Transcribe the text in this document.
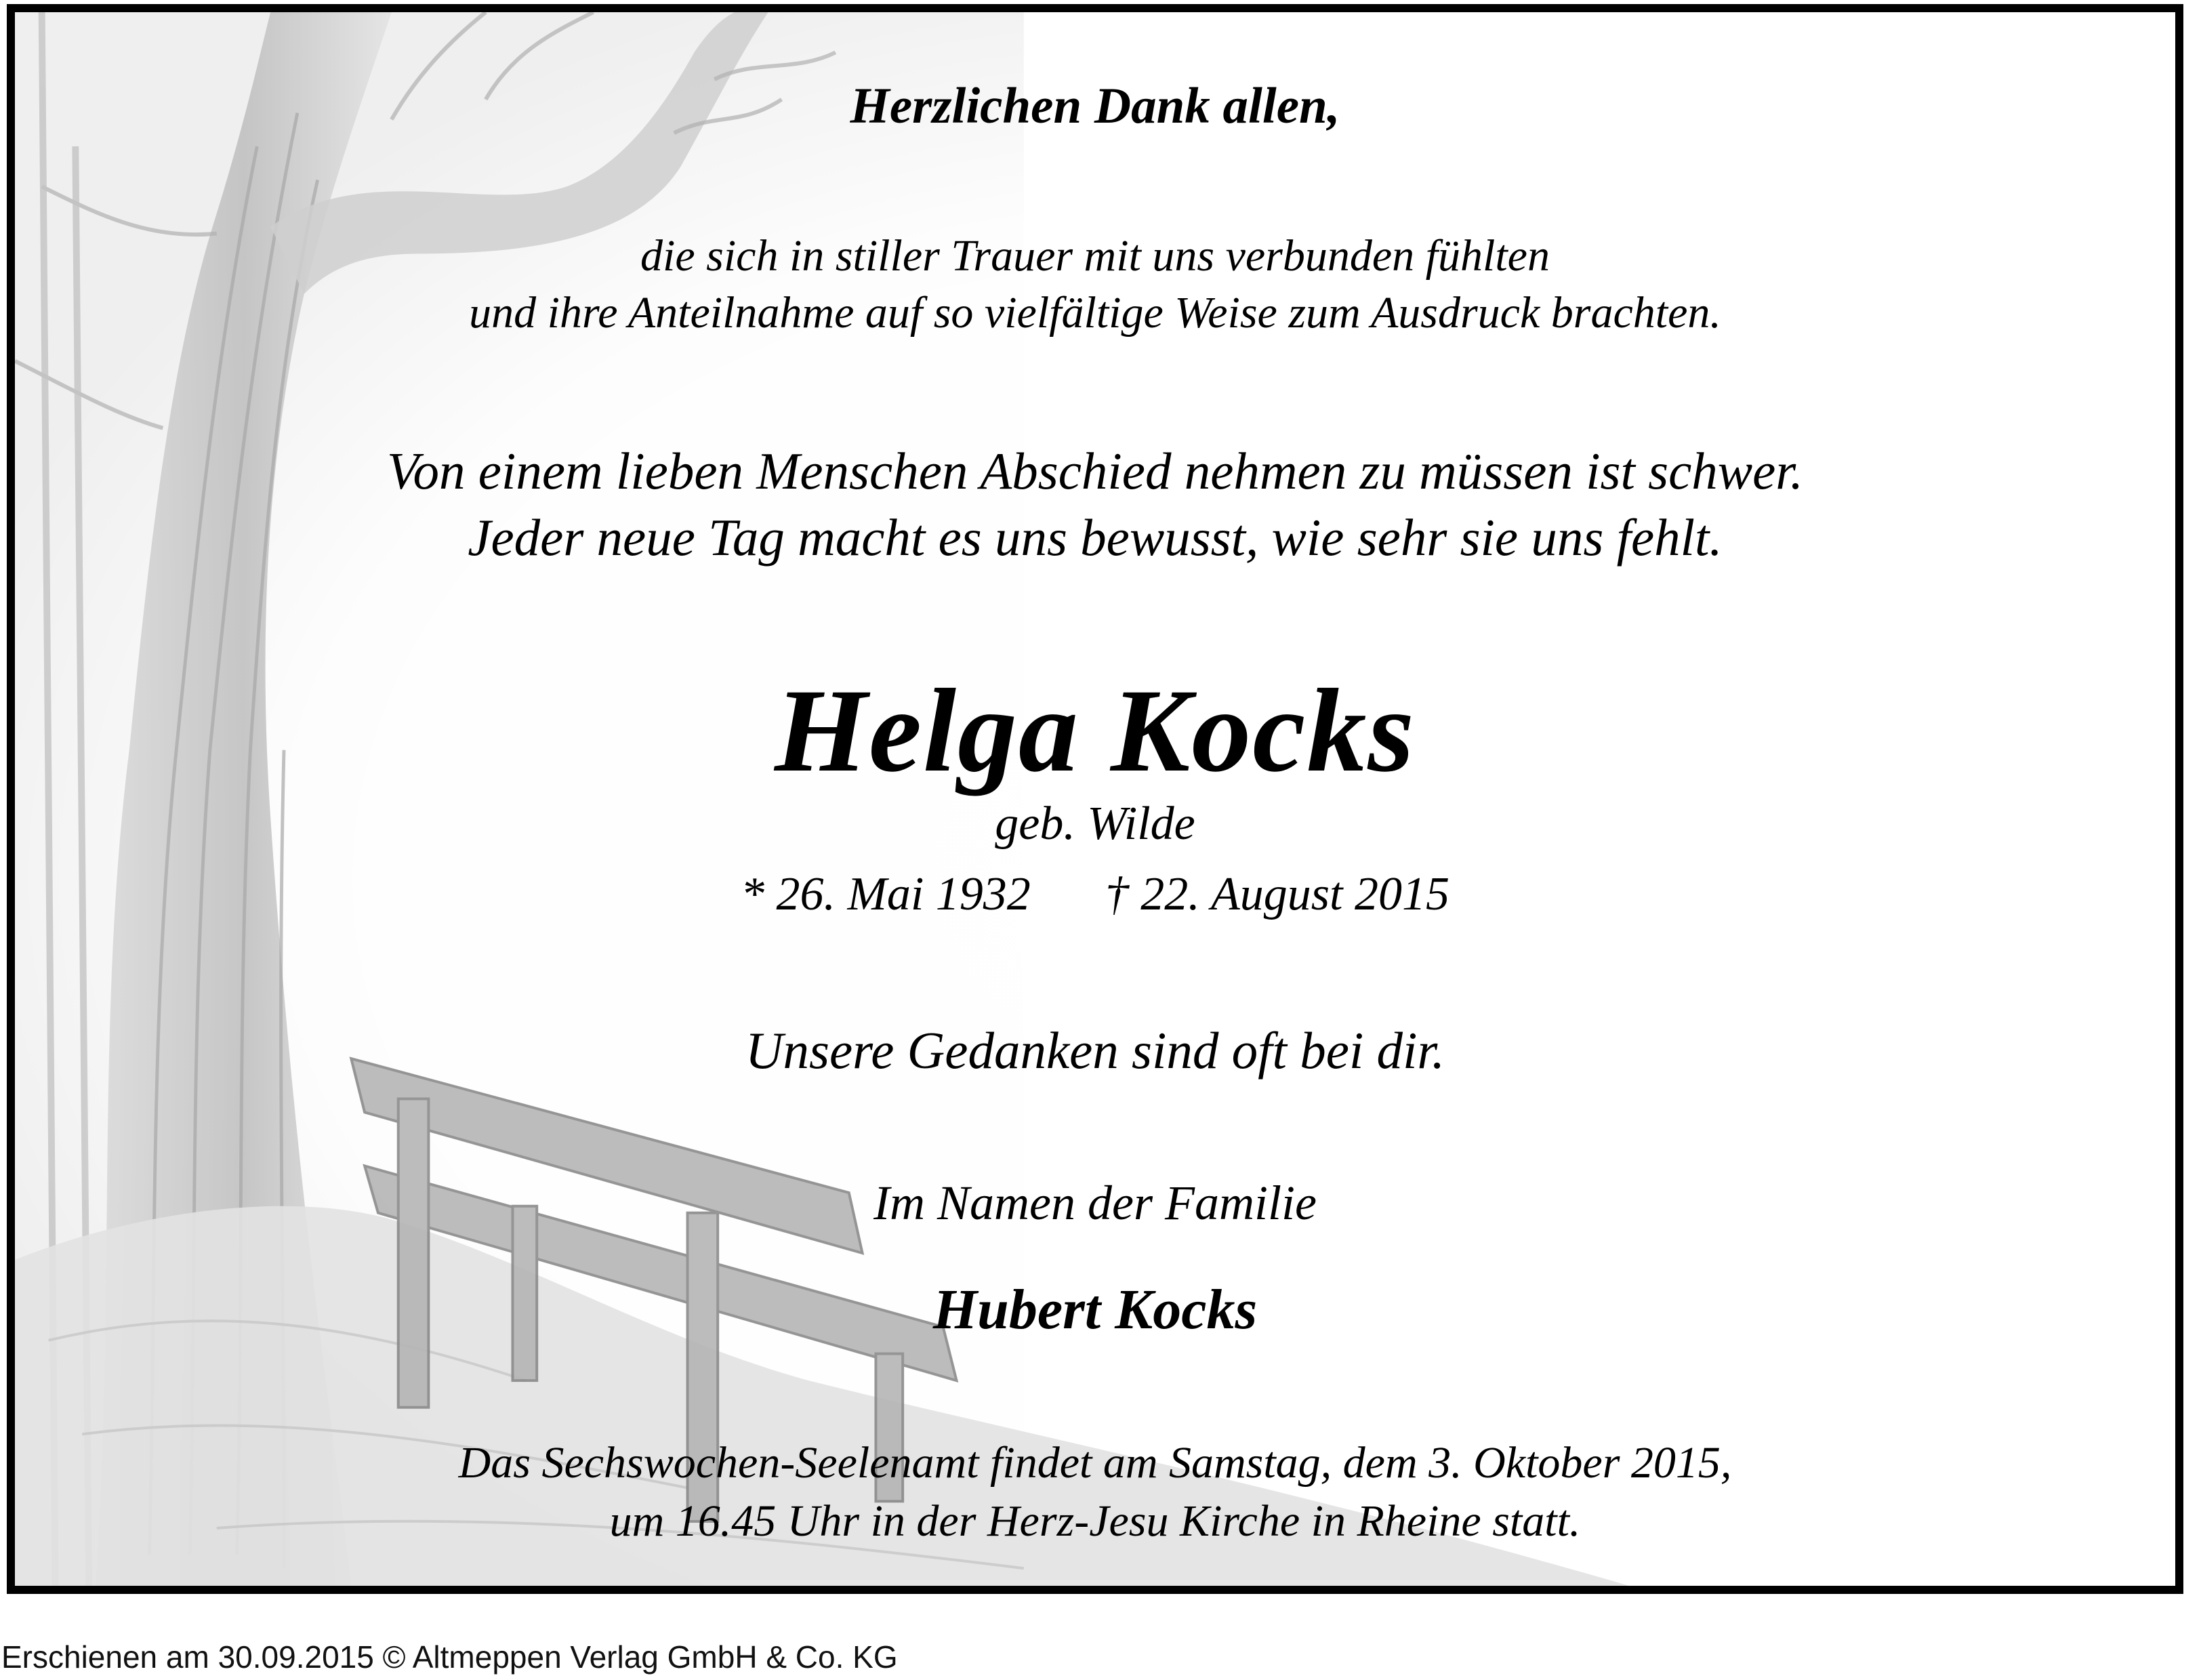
Herzlichen Dank allen,
die sich in stiller Trauer mit uns verbunden fühlten
und ihre Anteilnahme auf so vielfältige Weise zum Ausdruck brachten.
Von einem lieben Menschen Abschied nehmen zu müssen ist schwer.
Jeder neue Tag macht es uns bewusst, wie sehr sie uns fehlt.
Helga Kocks
geb. Wilde
* 26. Mai 1932 † 22. August 2015
Unsere Gedanken sind oft bei dir.
Im Namen der Familie
Hubert Kocks
Das Sechswochen-Seelenamt findet am Samstag, dem 3. Oktober 2015,
um 16.45 Uhr in der Herz-Jesu Kirche in Rheine statt.
Erschienen am 30.09.2015 © Altmeppen Verlag GmbH & Co. KG
